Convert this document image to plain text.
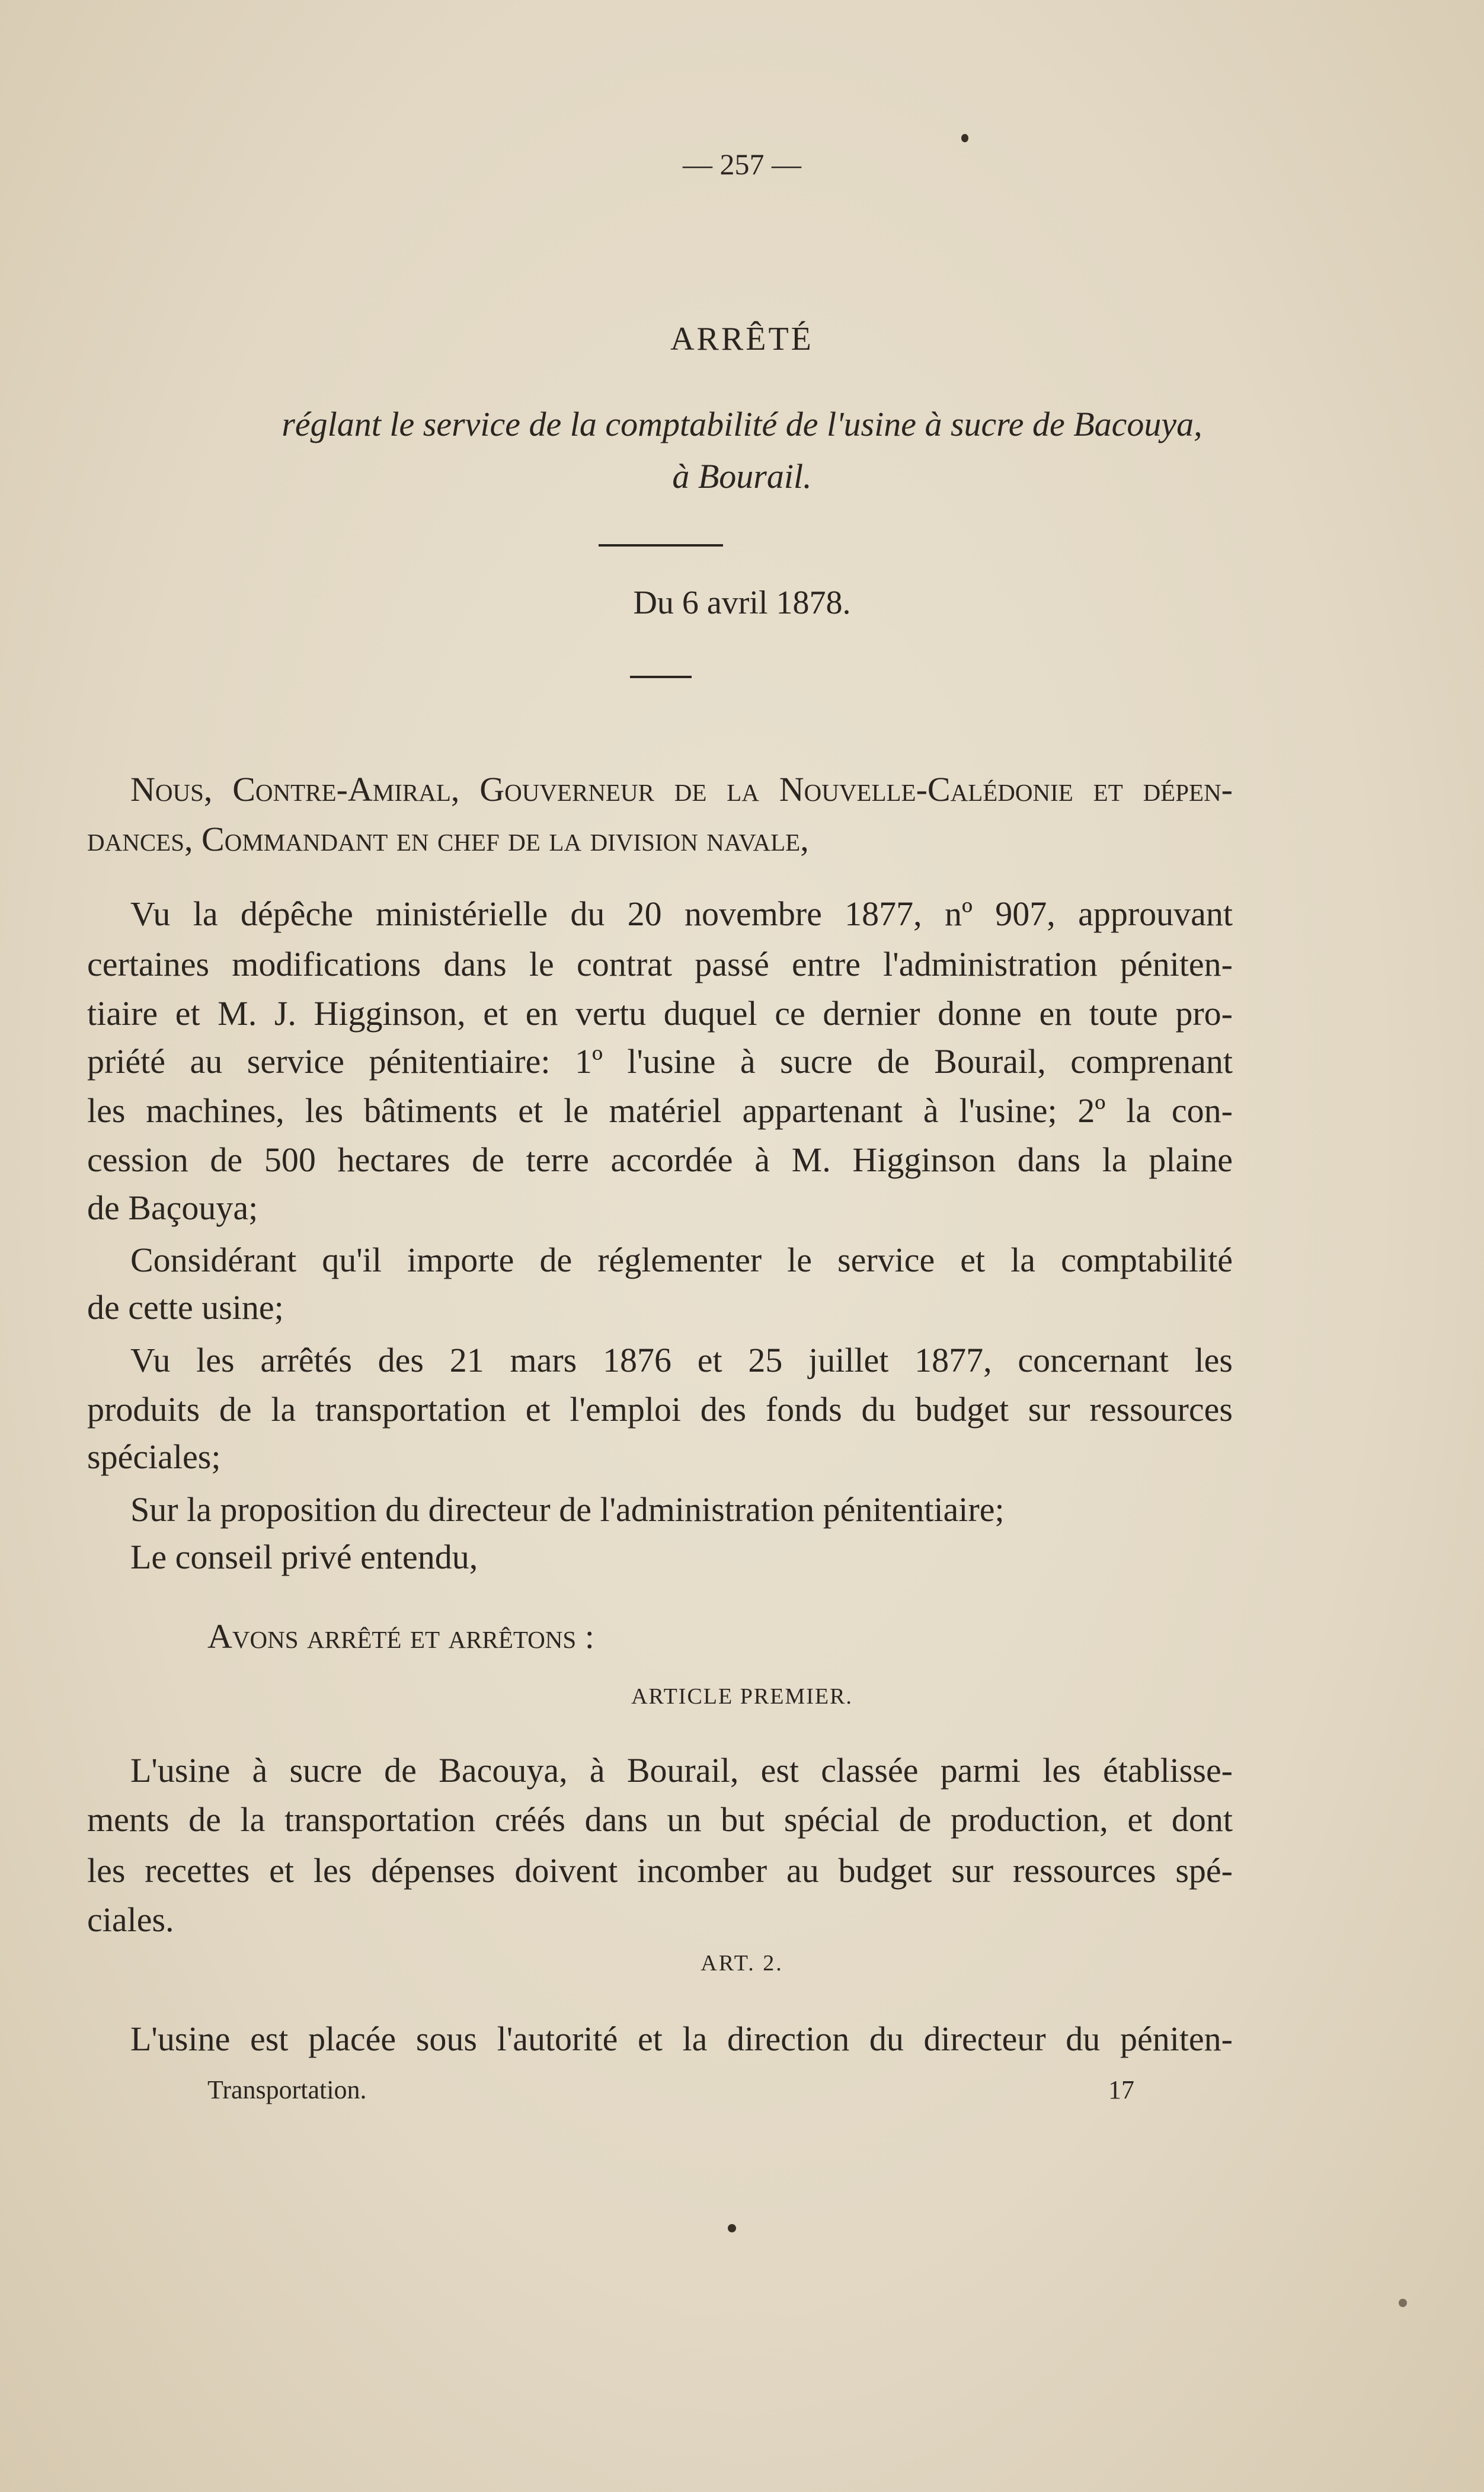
— 257 —
ARRÊTÉ
réglant le service de la comptabilité de l'usine à sucre de Bacouya,
à Bourail.
Du 6 avril 1878.
Nous, Contre-Amiral, Gouverneur de la Nouvelle-Calédonie et dépen-
dances, Commandant en chef de la division navale,
Vu la dépêche ministérielle du 20 novembre 1877, nº 907, approuvant
certaines modifications dans le contrat passé entre l'administration péniten-
tiaire et M. J. Higginson, et en vertu duquel ce dernier donne en toute pro-
priété au service pénitentiaire: 1º l'usine à sucre de Bourail, comprenant
les machines, les bâtiments et le matériel appartenant à l'usine; 2º la con-
cession de 500 hectares de terre accordée à M. Higginson dans la plaine
de Baçouya;
Considérant qu'il importe de réglementer le service et la comptabilité
de cette usine;
Vu les arrêtés des 21 mars 1876 et 25 juillet 1877, concernant les
produits de la transportation et l'emploi des fonds du budget sur ressources
spéciales;
Sur la proposition du directeur de l'administration pénitentiaire;
Le conseil privé entendu,
Avons arrêté et arrêtons :
ARTICLE PREMIER.
L'usine à sucre de Bacouya, à Bourail, est classée parmi les établisse-
ments de la transportation créés dans un but spécial de production, et dont
les recettes et les dépenses doivent incomber au budget sur ressources spé-
ciales.
ART. 2.
L'usine est placée sous l'autorité et la direction du directeur du péniten-
Transportation.	17
